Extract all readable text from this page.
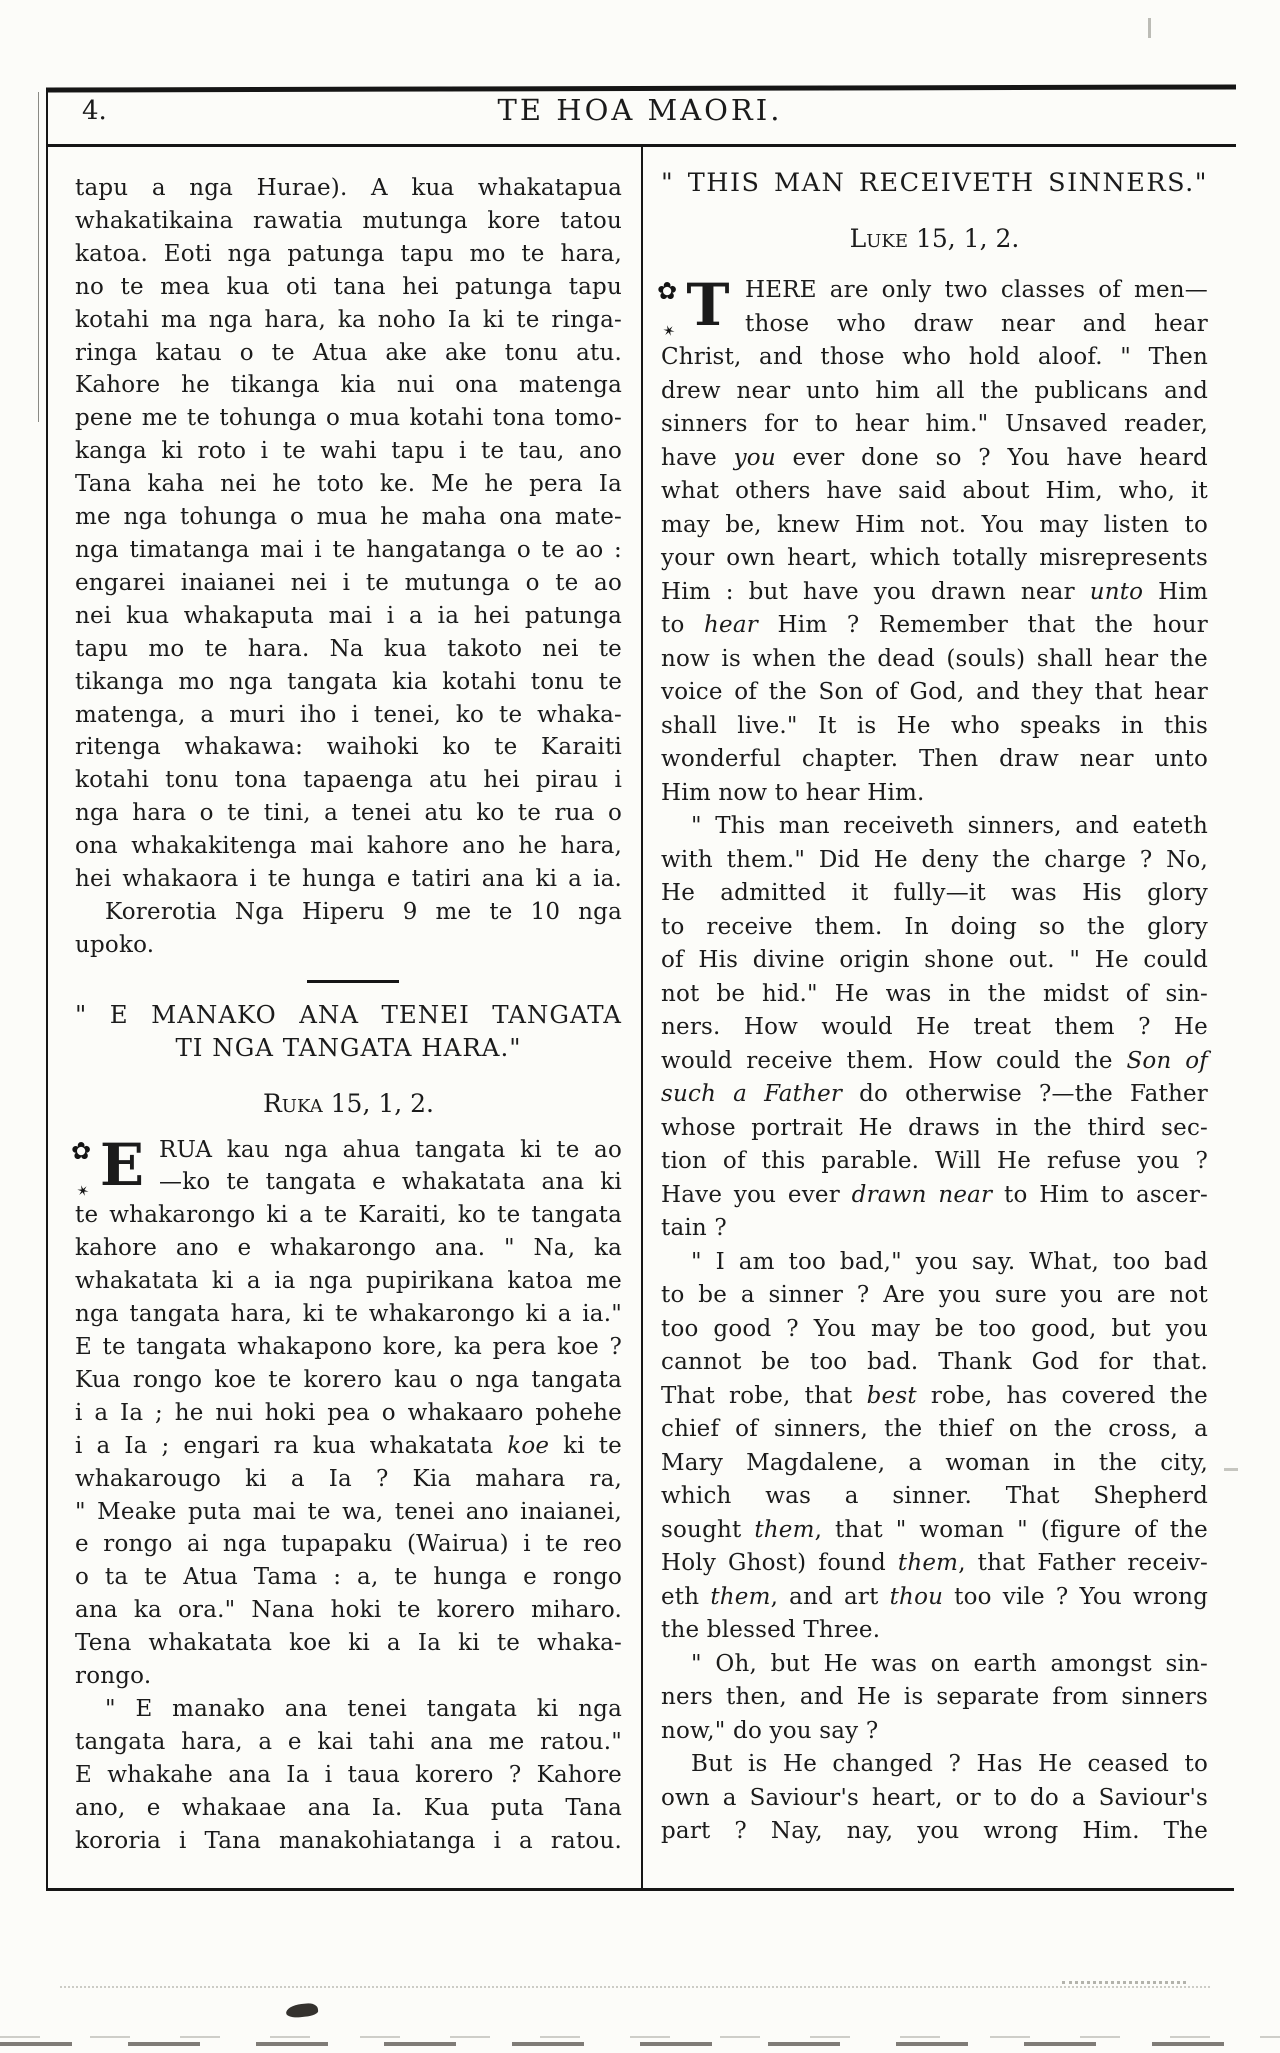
4.	TE HOA MAORI.
tapu a nga Hurae). A kua whakatapua
whakatikaina rawatia mutunga kore tatou
katoa. Eoti nga patunga tapu mo te hara,
no te mea kua oti tana hei patunga tapu
kotahi ma nga hara, ka noho Ia ki te ringa-
ringa katau o te Atua ake ake tonu atu.
Kahore he tikanga kia nui ona matenga
pene me te tohunga o mua kotahi tona tomo-
kanga ki roto i te wahi tapu i te tau, ano
Tana kaha nei he toto ke. Me he pera Ia
me nga tohunga o mua he maha ona mate-
nga timatanga mai i te hangatanga o te ao :
engarei inaianei nei i te mutunga o te ao
nei kua whakaputa mai i a ia hei patunga
tapu mo te hara. Na kua takoto nei te
tikanga mo nga tangata kia kotahi tonu te
matenga, a muri iho i tenei, ko te whaka-
ritenga whakawa: waihoki ko te Karaiti
kotahi tonu tona tapaenga atu hei pirau i
nga hara o te tini, a tenei atu ko te rua o
ona whakakitenga mai kahore ano he hara,
hei whakaora i te hunga e tatiri ana ki a ia.
Korerotia Nga Hiperu 9 me te 10 nga
upoko.
" E MANAKO ANA TENEI TANGATA
TI NGA TANGATA HARA."
Ruka 15, 1, 2.
✿
✶ E RUA kau nga ahua tangata ki te ao
—ko te tangata e whakatata ana ki
te whakarongo ki a te Karaiti, ko te tangata
kahore ano e whakarongo ana. " Na, ka
whakatata ki a ia nga pupirikana katoa me
nga tangata hara, ki te whakarongo ki a ia."
E te tangata whakapono kore, ka pera koe ?
Kua rongo koe te korero kau o nga tangata
i a Ia ; he nui hoki pea o whakaaro pohehe
i a Ia ; engari ra kua whakatata koe ki te
whakarougo ki a Ia ? Kia mahara ra,
" Meake puta mai te wa, tenei ano inaianei,
e rongo ai nga tupapaku (Wairua) i te reo
o ta te Atua Tama : a, te hunga e rongo
ana ka ora." Nana hoki te korero miharo.
Tena whakatata koe ki a Ia ki te whaka-
rongo.
" E manako ana tenei tangata ki nga
tangata hara, a e kai tahi ana me ratou."
E whakahe ana Ia i taua korero ? Kahore
ano, e whakaae ana Ia. Kua puta Tana
kororia i Tana manakohiatanga i a ratou.
" THIS MAN RECEIVETH SINNERS."
Luke 15, 1, 2.
✿
✶ T HERE are only two classes of men—
those who draw near and hear
Christ, and those who hold aloof. " Then
drew near unto him all the publicans and
sinners for to hear him." Unsaved reader,
have you ever done so ? You have heard
what others have said about Him, who, it
may be, knew Him not. You may listen to
your own heart, which totally misrepresents
Him : but have you drawn near unto Him
to hear Him ? Remember that the hour
now is when the dead (souls) shall hear the
voice of the Son of God, and they that hear
shall live." It is He who speaks in this
wonderful chapter. Then draw near unto
Him now to hear Him.
" This man receiveth sinners, and eateth
with them." Did He deny the charge ? No,
He admitted it fully—it was His glory
to receive them. In doing so the glory
of His divine origin shone out. " He could
not be hid." He was in the midst of sin-
ners. How would He treat them ? He
would receive them. How could the Son of
such a Father do otherwise ?—the Father
whose portrait He draws in the third sec-
tion of this parable. Will He refuse you ?
Have you ever drawn near to Him to ascer-
tain ?
" I am too bad," you say. What, too bad
to be a sinner ? Are you sure you are not
too good ? You may be too good, but you
cannot be too bad. Thank God for that.
That robe, that best robe, has covered the
chief of sinners, the thief on the cross, a
Mary Magdalene, a woman in the city,
which was a sinner. That Shepherd
sought them, that " woman " (figure of the
Holy Ghost) found them, that Father receiv-
eth them, and art thou too vile ? You wrong
the blessed Three.
" Oh, but He was on earth amongst sin-
ners then, and He is separate from sinners
now," do you say ?
But is He changed ? Has He ceased to
own a Saviour's heart, or to do a Saviour's
part ? Nay, nay, you wrong Him. The
